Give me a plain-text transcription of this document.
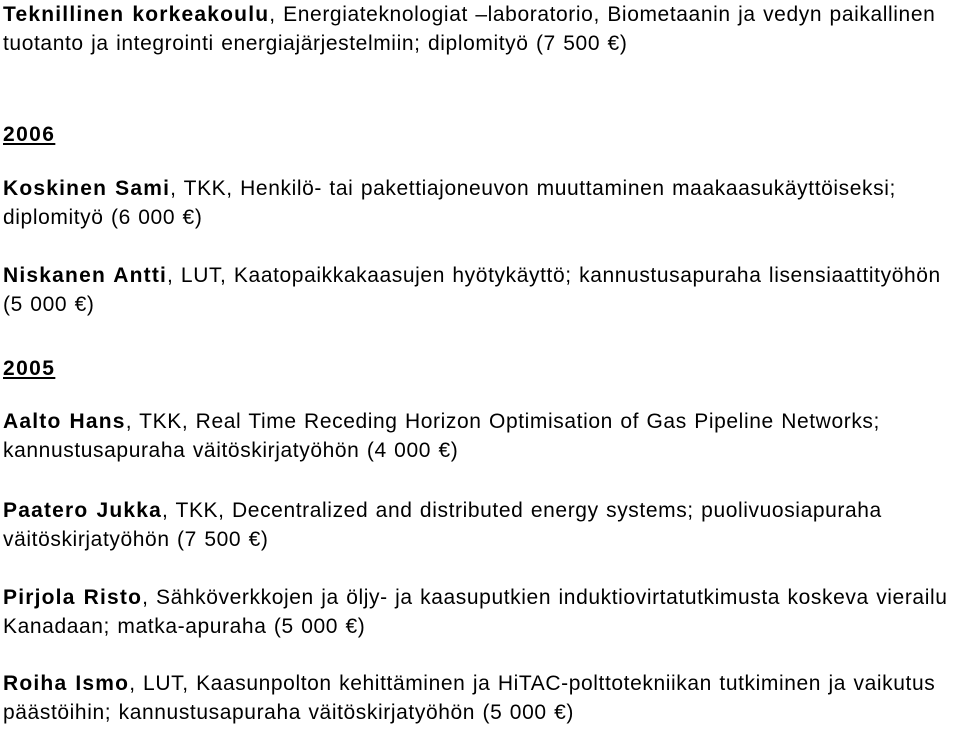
Teknillinen korkeakoulu, Energiateknologiat –laboratorio, Biometaanin ja vedyn paikallinen tuotanto ja integrointi energiajärjestelmiin; diplomityö (7 500 €)

2006

Koskinen Sami, TKK, Henkilö- tai pakettiajoneuvon muuttaminen maakaasukäyttöiseksi; diplomityö (6 000 €)

Niskanen Antti, LUT, Kaatopaikkakaasujen hyötykäyttö; kannustusapuraha lisensiaattityöhön (5 000 €)

2005

Aalto Hans, TKK, Real Time Receding Horizon Optimisation of Gas Pipeline Networks; kannustusapuraha väitöskirjatyöhön (4 000 €)

Paatero Jukka, TKK, Decentralized and distributed energy systems; puolivuosiapuraha väitöskirjatyöhön (7 500 €)

Pirjola Risto, Sähköverkkojen ja öljy- ja kaasuputkien induktiovirtatutkimusta koskeva vierailu Kanadaan; matka-apuraha (5 000 €)

Roiha Ismo, LUT, Kaasunpolton kehittäminen ja HiTAC-polttotekniikan tutkiminen ja vaikutus päästöihin; kannustusapuraha väitöskirjatyöhön (5 000 €)
